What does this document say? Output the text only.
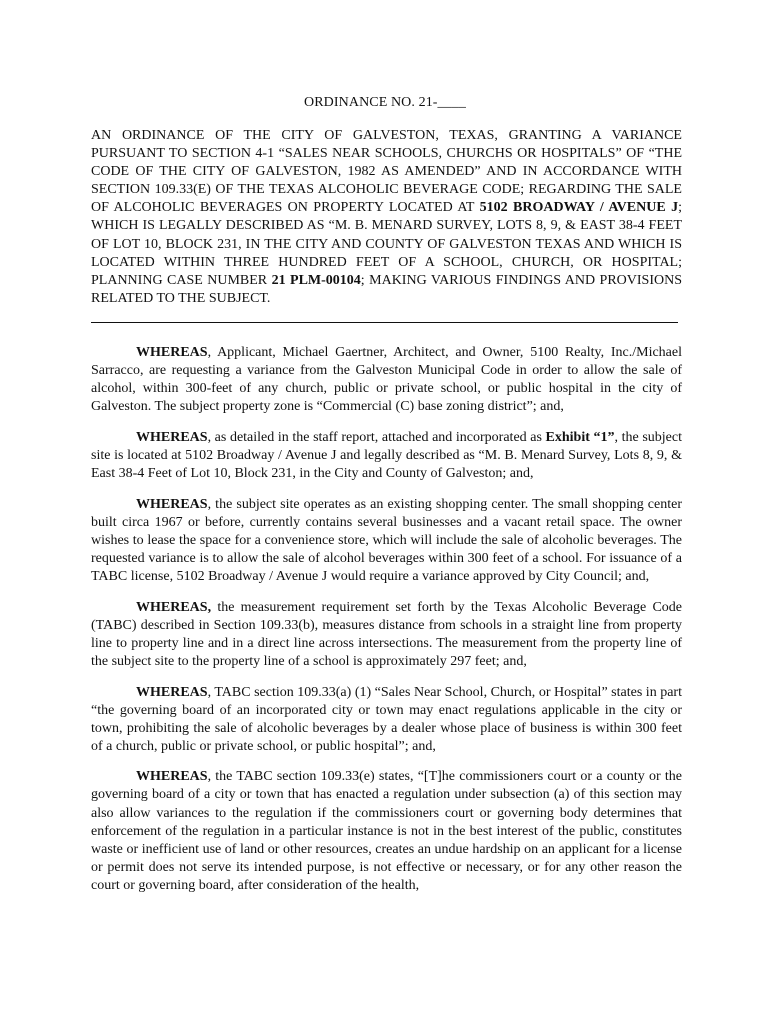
ORDINANCE NO. 21-____
AN ORDINANCE OF THE CITY OF GALVESTON, TEXAS, GRANTING A VARIANCE PURSUANT TO SECTION 4-1 “SALES NEAR SCHOOLS, CHURCHS OR HOSPITALS” OF “THE CODE OF THE CITY OF GALVESTON, 1982 AS AMENDED” AND IN ACCORDANCE WITH SECTION 109.33(E) OF THE TEXAS ALCOHOLIC BEVERAGE CODE; REGARDING THE SALE OF ALCOHOLIC BEVERAGES ON PROPERTY LOCATED AT 5102 BROADWAY / AVENUE J; WHICH IS LEGALLY DESCRIBED AS “M. B. MENARD SURVEY, LOTS 8, 9, & EAST 38-4 FEET OF LOT 10, BLOCK 231, IN THE CITY AND COUNTY OF GALVESTON TEXAS AND WHICH IS LOCATED WITHIN THREE HUNDRED FEET OF A SCHOOL, CHURCH, OR HOSPITAL; PLANNING CASE NUMBER 21 PLM-00104; MAKING VARIOUS FINDINGS AND PROVISIONS RELATED TO THE SUBJECT.

WHEREAS, Applicant, Michael Gaertner, Architect, and Owner, 5100 Realty, Inc./Michael Sarracco, are requesting a variance from the Galveston Municipal Code in order to allow the sale of alcohol, within 300-feet of any church, public or private school, or public hospital in the city of Galveston. The subject property zone is “Commercial (C) base zoning district”; and,

WHEREAS, as detailed in the staff report, attached and incorporated as Exhibit “1”, the subject site is located at 5102 Broadway / Avenue J and legally described as “M. B. Menard Survey, Lots 8, 9, & East 38-4 Feet of Lot 10, Block 231, in the City and County of Galveston; and,

WHEREAS, the subject site operates as an existing shopping center. The small shopping center built circa 1967 or before, currently contains several businesses and a vacant retail space. The owner wishes to lease the space for a convenience store, which will include the sale of alcoholic beverages. The requested variance is to allow the sale of alcohol beverages within 300 feet of a school. For issuance of a TABC license, 5102 Broadway / Avenue J would require a variance approved by City Council; and,

WHEREAS, the measurement requirement set forth by the Texas Alcoholic Beverage Code (TABC) described in Section 109.33(b), measures distance from schools in a straight line from property line to property line and in a direct line across intersections. The measurement from the property line of the subject site to the property line of a school is approximately 297 feet; and,

WHEREAS, TABC section 109.33(a) (1) “Sales Near School, Church, or Hospital” states in part “the governing board of an incorporated city or town may enact regulations applicable in the city or town, prohibiting the sale of alcoholic beverages by a dealer whose place of business is within 300 feet of a church, public or private school, or public hospital”; and,

WHEREAS, the TABC section 109.33(e) states, “[T]he commissioners court or a county or the governing board of a city or town that has enacted a regulation under subsection (a) of this section may also allow variances to the regulation if the commissioners court or governing body determines that enforcement of the regulation in a particular instance is not in the best interest of the public, constitutes waste or inefficient use of land or other resources, creates an undue hardship on an applicant for a license or permit does not serve its intended purpose, is not effective or necessary, or for any other reason the court or governing board, after consideration of the health,
